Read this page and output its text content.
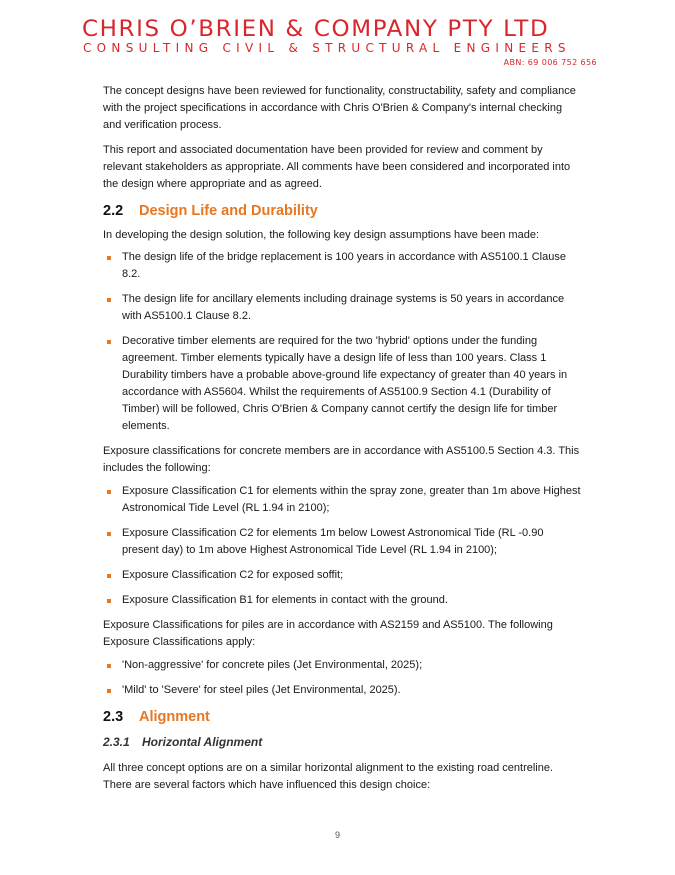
CHRIS O’BRIEN & COMPANY PTY LTD
CONSULTING CIVIL & STRUCTURAL ENGINEERS
ABN: 69 006 752 656

The concept designs have been reviewed for functionality, constructability, safety and compliance with the project specifications in accordance with Chris O'Brien & Company's internal checking and verification process.

This report and associated documentation have been provided for review and comment by relevant stakeholders as appropriate. All comments have been considered and incorporated into the design where appropriate and as agreed.

2.2 Design Life and Durability

In developing the design solution, the following key design assumptions have been made:

The design life of the bridge replacement is 100 years in accordance with AS5100.1 Clause 8.2.
The design life for ancillary elements including drainage systems is 50 years in accordance with AS5100.1 Clause 8.2.
Decorative timber elements are required for the two 'hybrid' options under the funding agreement. Timber elements typically have a design life of less than 100 years. Class 1 Durability timbers have a probable above-ground life expectancy of greater than 40 years in accordance with AS5604. Whilst the requirements of AS5100.9 Section 4.1 (Durability of Timber) will be followed, Chris O'Brien & Company cannot certify the design life for timber elements.

Exposure classifications for concrete members are in accordance with AS5100.5 Section 4.3. This includes the following:

Exposure Classification C1 for elements within the spray zone, greater than 1m above Highest Astronomical Tide Level (RL 1.94 in 2100);
Exposure Classification C2 for elements 1m below Lowest Astronomical Tide (RL -0.90 present day) to 1m above Highest Astronomical Tide Level (RL 1.94 in 2100);
Exposure Classification C2 for exposed soffit;
Exposure Classification B1 for elements in contact with the ground.

Exposure Classifications for piles are in accordance with AS2159 and AS5100. The following Exposure Classifications apply:

'Non-aggressive' for concrete piles (Jet Environmental, 2025);
'Mild' to 'Severe' for steel piles (Jet Environmental, 2025).
2.3 Alignment
2.3.1 Horizontal Alignment

All three concept options are on a similar horizontal alignment to the existing road centreline. There are several factors which have influenced this design choice:

9
